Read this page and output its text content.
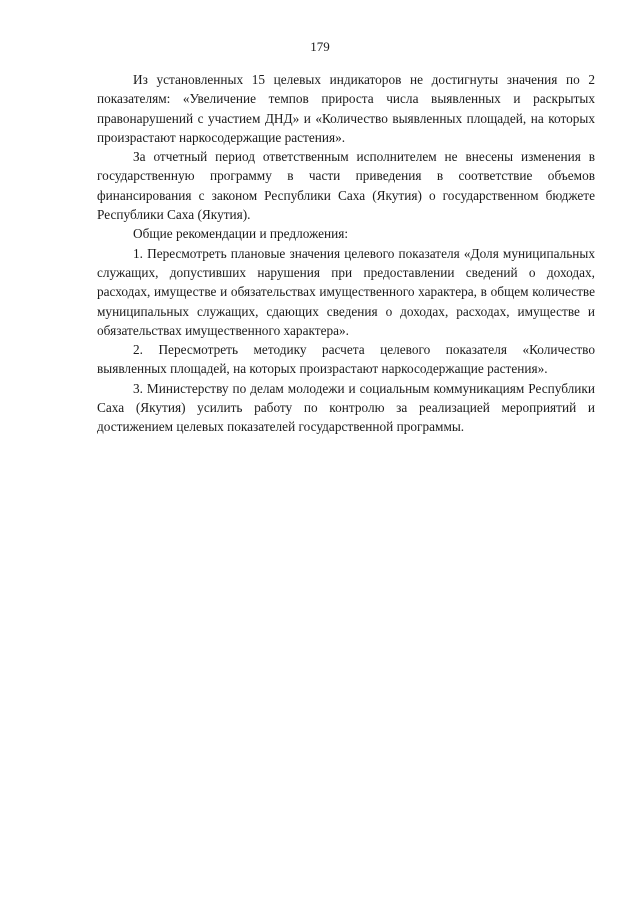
179

Из установленных 15 целевых индикаторов не достигнуты значения по 2 показателям: «Увеличение темпов прироста числа выявленных и раскрытых правонарушений с участием ДНД» и «Количество выявленных площадей, на которых произрастают наркосодержащие растения».

За отчетный период ответственным исполнителем не внесены изменения в государственную программу в части приведения в соответствие объемов финансирования с законом Республики Саха (Якутия) о государственном бюджете Республики Саха (Якутия).

Общие рекомендации и предложения:

1. Пересмотреть плановые значения целевого показателя «Доля муниципальных служащих, допустивших нарушения при предоставлении сведений о доходах, расходах, имуществе и обязательствах имущественного характера, в общем количестве муниципальных служащих, сдающих сведения о доходах, расходах, имуществе и обязательствах имущественного характера».

2. Пересмотреть методику расчета целевого показателя «Количество выявленных площадей, на которых произрастают наркосодержащие растения».

3. Министерству по делам молодежи и социальным коммуникациям Республики Саха (Якутия) усилить работу по контролю за реализацией мероприятий и достижением целевых показателей государственной программы.
